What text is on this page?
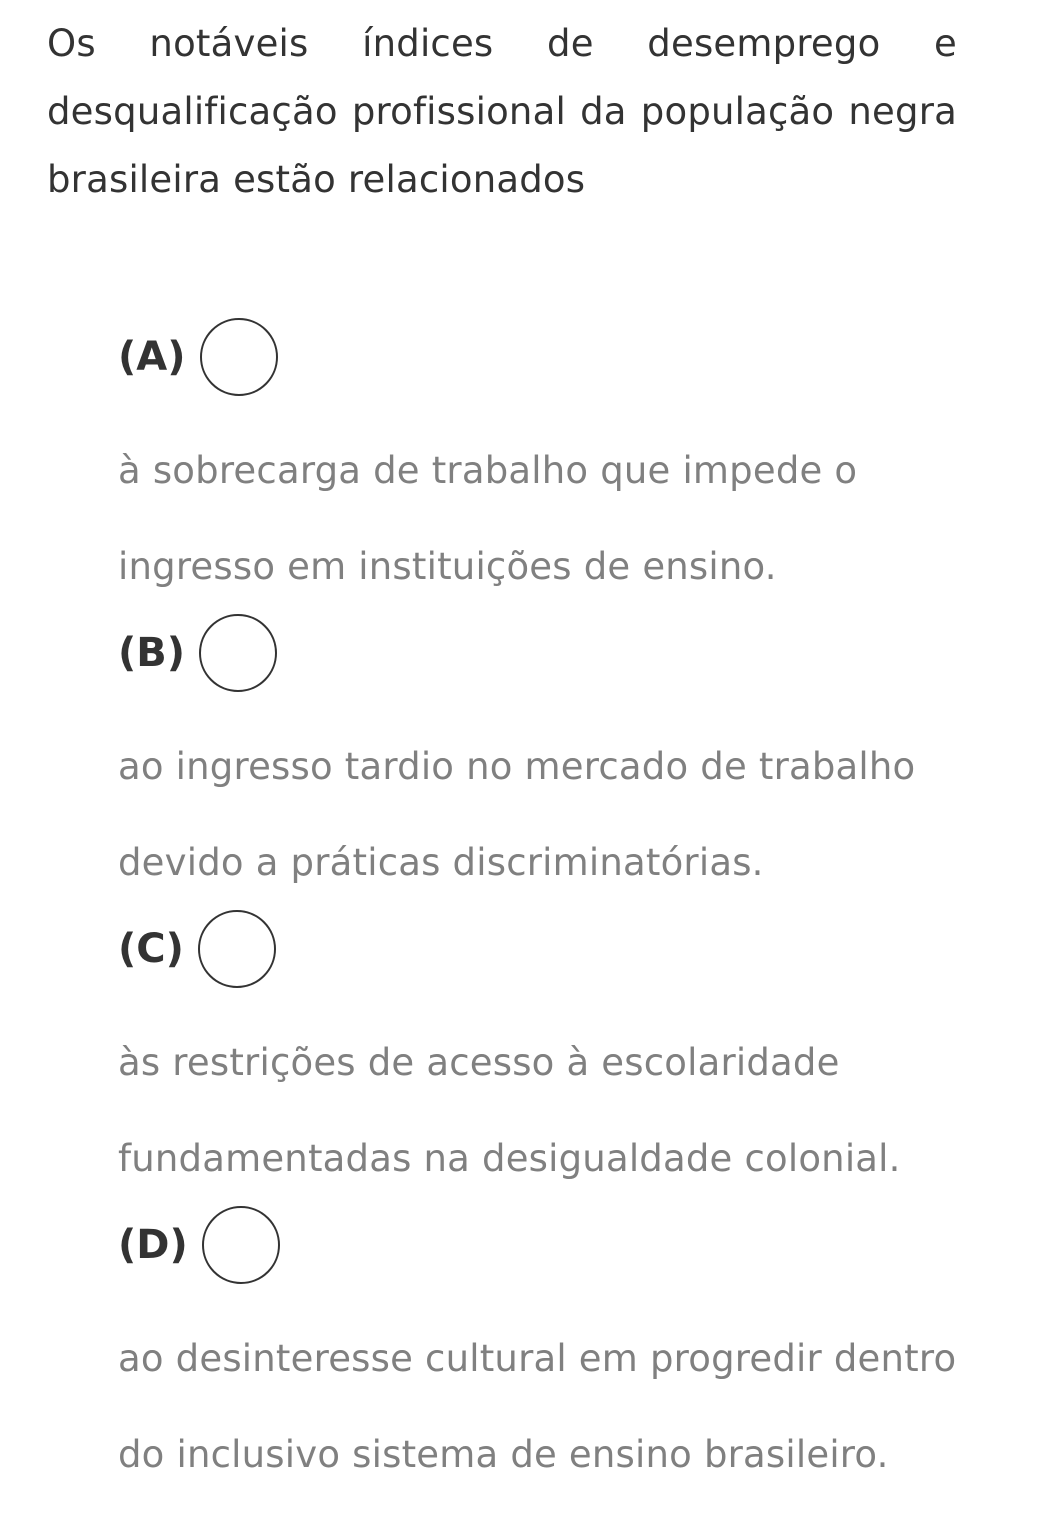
Os notáveis índices de desemprego e desqualificação profissional da população negra brasileira estão relacionados
(A)
à sobrecarga de trabalho que impede o
ingresso em instituições de ensino.
(B)
ao ingresso tardio no mercado de trabalho
devido a práticas discriminatórias.
(C)
às restrições de acesso à escolaridade
fundamentadas na desigualdade colonial.
(D)
ao desinteresse cultural em progredir dentro
do inclusivo sistema de ensino brasileiro.
